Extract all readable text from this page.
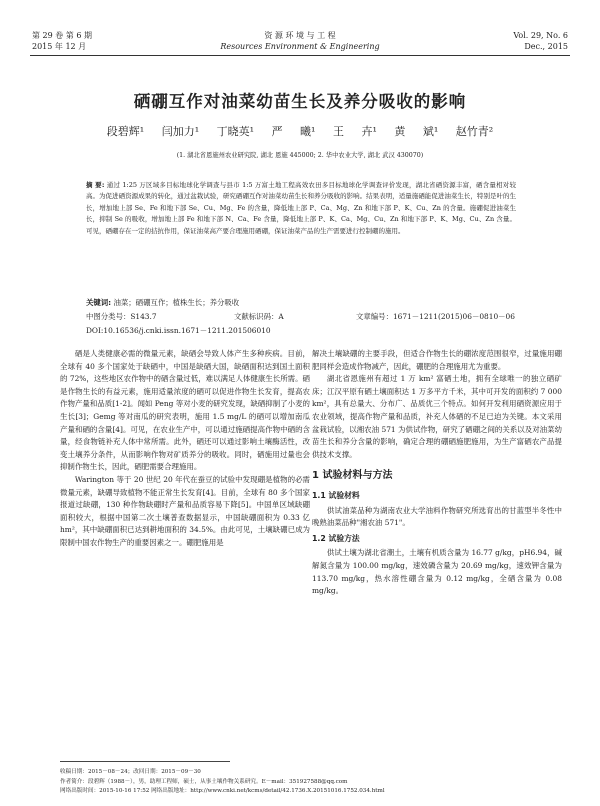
第 29 卷 第 6 期
2015 年 12 月
资 源 环 境 与 工 程
Resources Environment & Engineering
Vol. 29, No. 6
Dec., 2015
硒硼互作对油菜幼苗生长及养分吸收的影响
段碧辉¹ 闫加力¹ 丁晓英¹ 严 曦¹ 王 卉¹ 黄 斌¹ 赵竹青²
(1. 湖北省恩施州农业研究院, 湖北 恩施 445000; 2. 华中农业大学, 湖北 武汉 430070)
摘 要: 通过 1:25 万区域多目标地球化学调查与县市 1:5 万富土地工程高效农田多目标地球化学调查评价发现，湖北省硒资源丰富，硒含量相对较高。为促进硒资源成果的转化，通过盆栽试验，研究硒硼互作对油菜幼苗生长和养分吸收的影响。结果表明，适量施硒能促进油菜生长，特别是叶的生长，增加地上部 Se、Fe 和地下部 Se、Cu、Mg、Fe 的含量，降低地上部 P、Ca、Mg、Zn 和地下部 P、K、Cu、Zn 的含量。施硼促进油菜生长，抑制 Se 的吸收，增加地上部 Fe 和地下部 N、Ca、Fe 含量，降低地上部 P、K、Ca、Mg、Cu、Zn 和地下部 P、K、Mg、Cu、Zn 含量。可见，硒硼存在一定的拮抗作用，保证油菜高产要合理施用硒硼，保证油菜产品的生产需要进行控制硼的施用。
关键词: 油菜；硒硼互作；植株生长；养分吸收
中图分类号：S143.7	文献标识码：A	文章编号：1671－1211(2015)06－0810－06
DOI:10.16536/j.cnki.issn.1671－1211.201506010

硒是人类健康必需的微量元素，缺硒会导致人体产生多种疾病。目前，全球有 40 多个国家处于缺硒中，中国是缺硒大国，缺硒面积达到国土面积的 72%，这些地区农作物中的硒含量过低，难以满足人体健康生长所需。硒是作物生长的有益元素，施用适量浓度的硒可以促进作物生长发育，提高农作物产量和品质[1-2]。闻如 Peng 等对小麦的研究发现，缺硒抑制了小麦的生长[3]；Gemg 等对南瓜的研究表明，施用 1.5 mg/L 的硒可以增加南瓜产量和硒的含量[4]。可见，在农业生产中，可以通过施硒提高作物中硒的含量，经食物链补充人体中常所需。此外，硒还可以通过影响土壤酶活性，改变土壤养分条件，从而影响作物对矿质养分的吸收。同时，硒施用过量也会抑制作物生长，因此，硒肥需要合理施用。

Warington 等于 20 世纪 20 年代在蚕豆的试验中发现硼是植物的必需微量元素，缺硼导致植物不能正常生长发育[4]。目前，全球有 80 多个国家报道过缺硼，130 种作物缺硼时产量和品质容易下降[5]。中国单区域缺硼面积较大，根据中国第二次土壤普查数据显示，中国缺硼面积为 0.33 亿 hm²，其中缺硼面积已达到耕地面积的 34.5%。由此可见，土壤缺硼已成为限制中国农作物生产的重要因素之一。硼肥施用是

解决土壤缺硼的主要手段，但适合作物生长的硼浓度范围很窄，过量施用硼肥同样会造成作物减产，因此，硼肥的合理施用尤为重要。

湖北省恩施州有超过 1 万 km² 富硒土地，拥有全球唯一的独立硒矿床；江汉平原有硒土壤面积达 1 万多平方千米，其中可开发的面积约 7 000 km²，具有总量大、分布广、品质优三个特点。如何开发利用硒资源应用于农业领域，提高作物产量和品质，补充人体硒的不足已迫为关键。本文采用盆栽试验，以湘农油 571 为供试作物，研究了硒硼之间的关系以及对油菜幼苗生长和养分含量的影响，确定合理的硼硒施肥施用，为生产富硒农产品提供技术支撑。

1 试验材料与方法
1.1 试验材料

供试油菜品种为湖南农业大学油料作物研究所选育出的甘蓝型半冬性中晚熟油菜品种"湘农油 571"。

1.2 试验方法

供试土壤为湖北省潮土，土壤有机质含量为 16.77 g/kg，pH6.94，碱解氮含量为 100.00 mg/kg，速效磷含量为 20.69 mg/kg，速效钾含量为 113.70 mg/kg，热水溶性硼含量为 0.12 mg/kg，全硒含量为 0.08 mg/kg。

收稿日期：2015－08－24；改回日期：2015－09－30
作者简介：段碧辉（1988－），男，助理工程师，硕士，从事土壤作物关系研究。E－mail：351927588@qq.com
网络出版时间：2015-10-16 17:52 网络出版地址：http://www.cnki.net/kcms/detail/42.1736.X.20151016.1752.034.html
